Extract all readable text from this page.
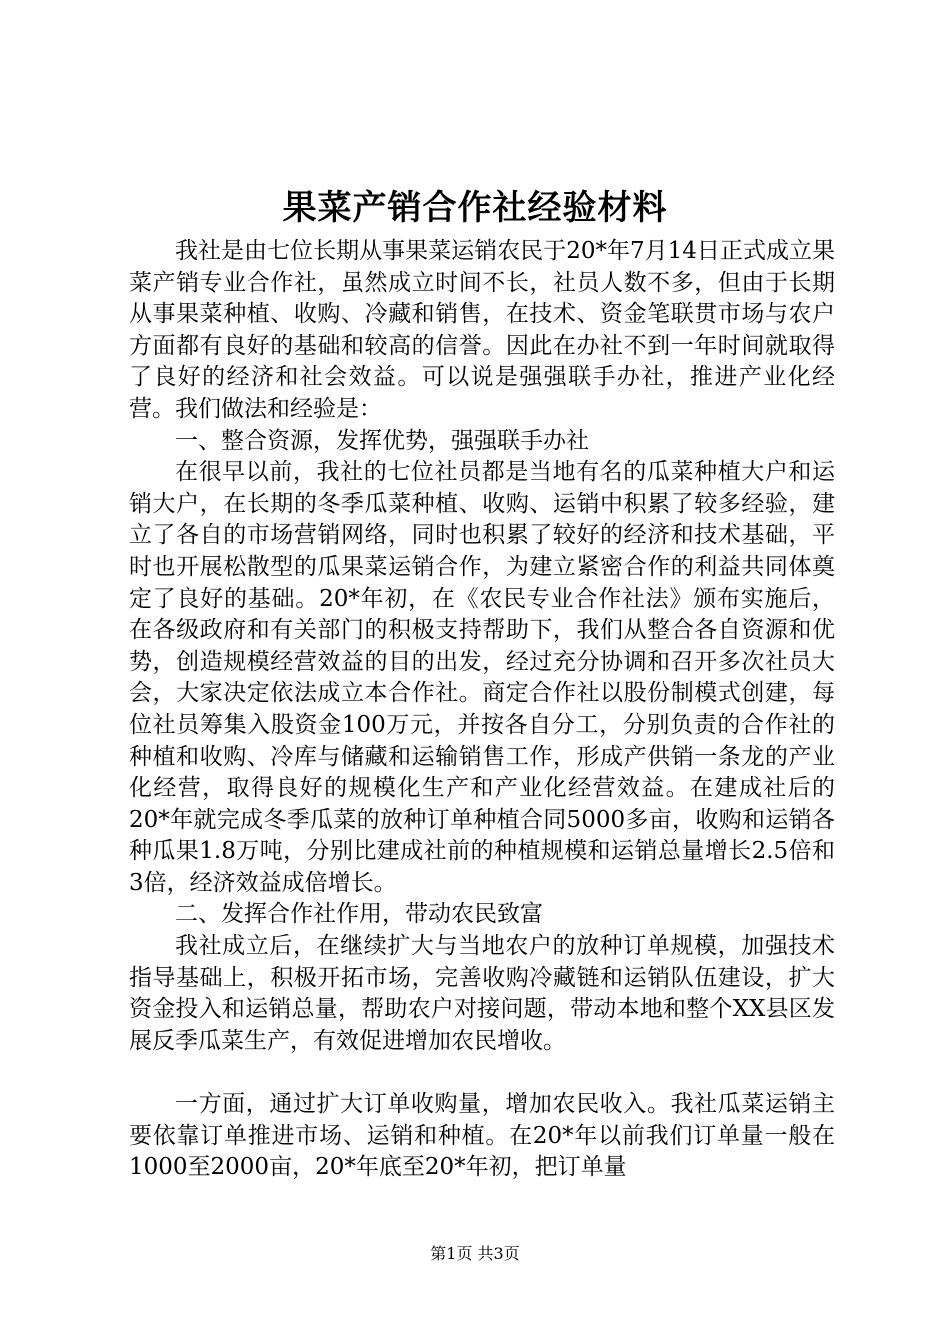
果菜产销合作社经验材料

我社是由七位长期从事果菜运销农民于20*年7月14日正式成立果菜产销专业合作社，虽然成立时间不长，社员人数不多，但由于长期从事果菜种植、收购、冷藏和销售，在技术、资金笔联贯市场与农户方面都有良好的基础和较高的信誉。因此在办社不到一年时间就取得了良好的经济和社会效益。可以说是强强联手办社，推进产业化经营。我们做法和经验是：

一、整合资源，发挥优势，强强联手办社

在很早以前，我社的七位社员都是当地有名的瓜菜种植大户和运销大户，在长期的冬季瓜菜种植、收购、运销中积累了较多经验，建立了各自的市场营销网络，同时也积累了较好的经济和技术基础，平时也开展松散型的瓜果菜运销合作，为建立紧密合作的利益共同体奠定了良好的基础。20*年初，在《农民专业合作社法》颁布实施后，在各级政府和有关部门的积极支持帮助下，我们从整合各自资源和优势，创造规模经营效益的目的出发，经过充分协调和召开多次社员大会，大家决定依法成立本合作社。商定合作社以股份制模式创建，每位社员筹集入股资金100万元，并按各自分工，分别负责的合作社的种植和收购、冷库与储藏和运输销售工作，形成产供销一条龙的产业化经营，取得良好的规模化生产和产业化经营效益。在建成社后的20*年就完成冬季瓜菜的放种订单种植合同5000多亩，收购和运销各种瓜果1.8万吨，分别比建成社前的种植规模和运销总量增长2.5倍和3倍，经济效益成倍增长。

二、发挥合作社作用，带动农民致富

我社成立后，在继续扩大与当地农户的放种订单规模，加强技术指导基础上，积极开拓市场，完善收购冷藏链和运销队伍建设，扩大资金投入和运销总量，帮助农户对接问题，带动本地和整个XX县区发展反季瓜菜生产，有效促进增加农民增收。

一方面，通过扩大订单收购量，增加农民收入。我社瓜菜运销主要依靠订单推进市场、运销和种植。在20*年以前我们订单量一般在1000至2000亩，20*年底至20*年初，把订单量

第1页 共3页
